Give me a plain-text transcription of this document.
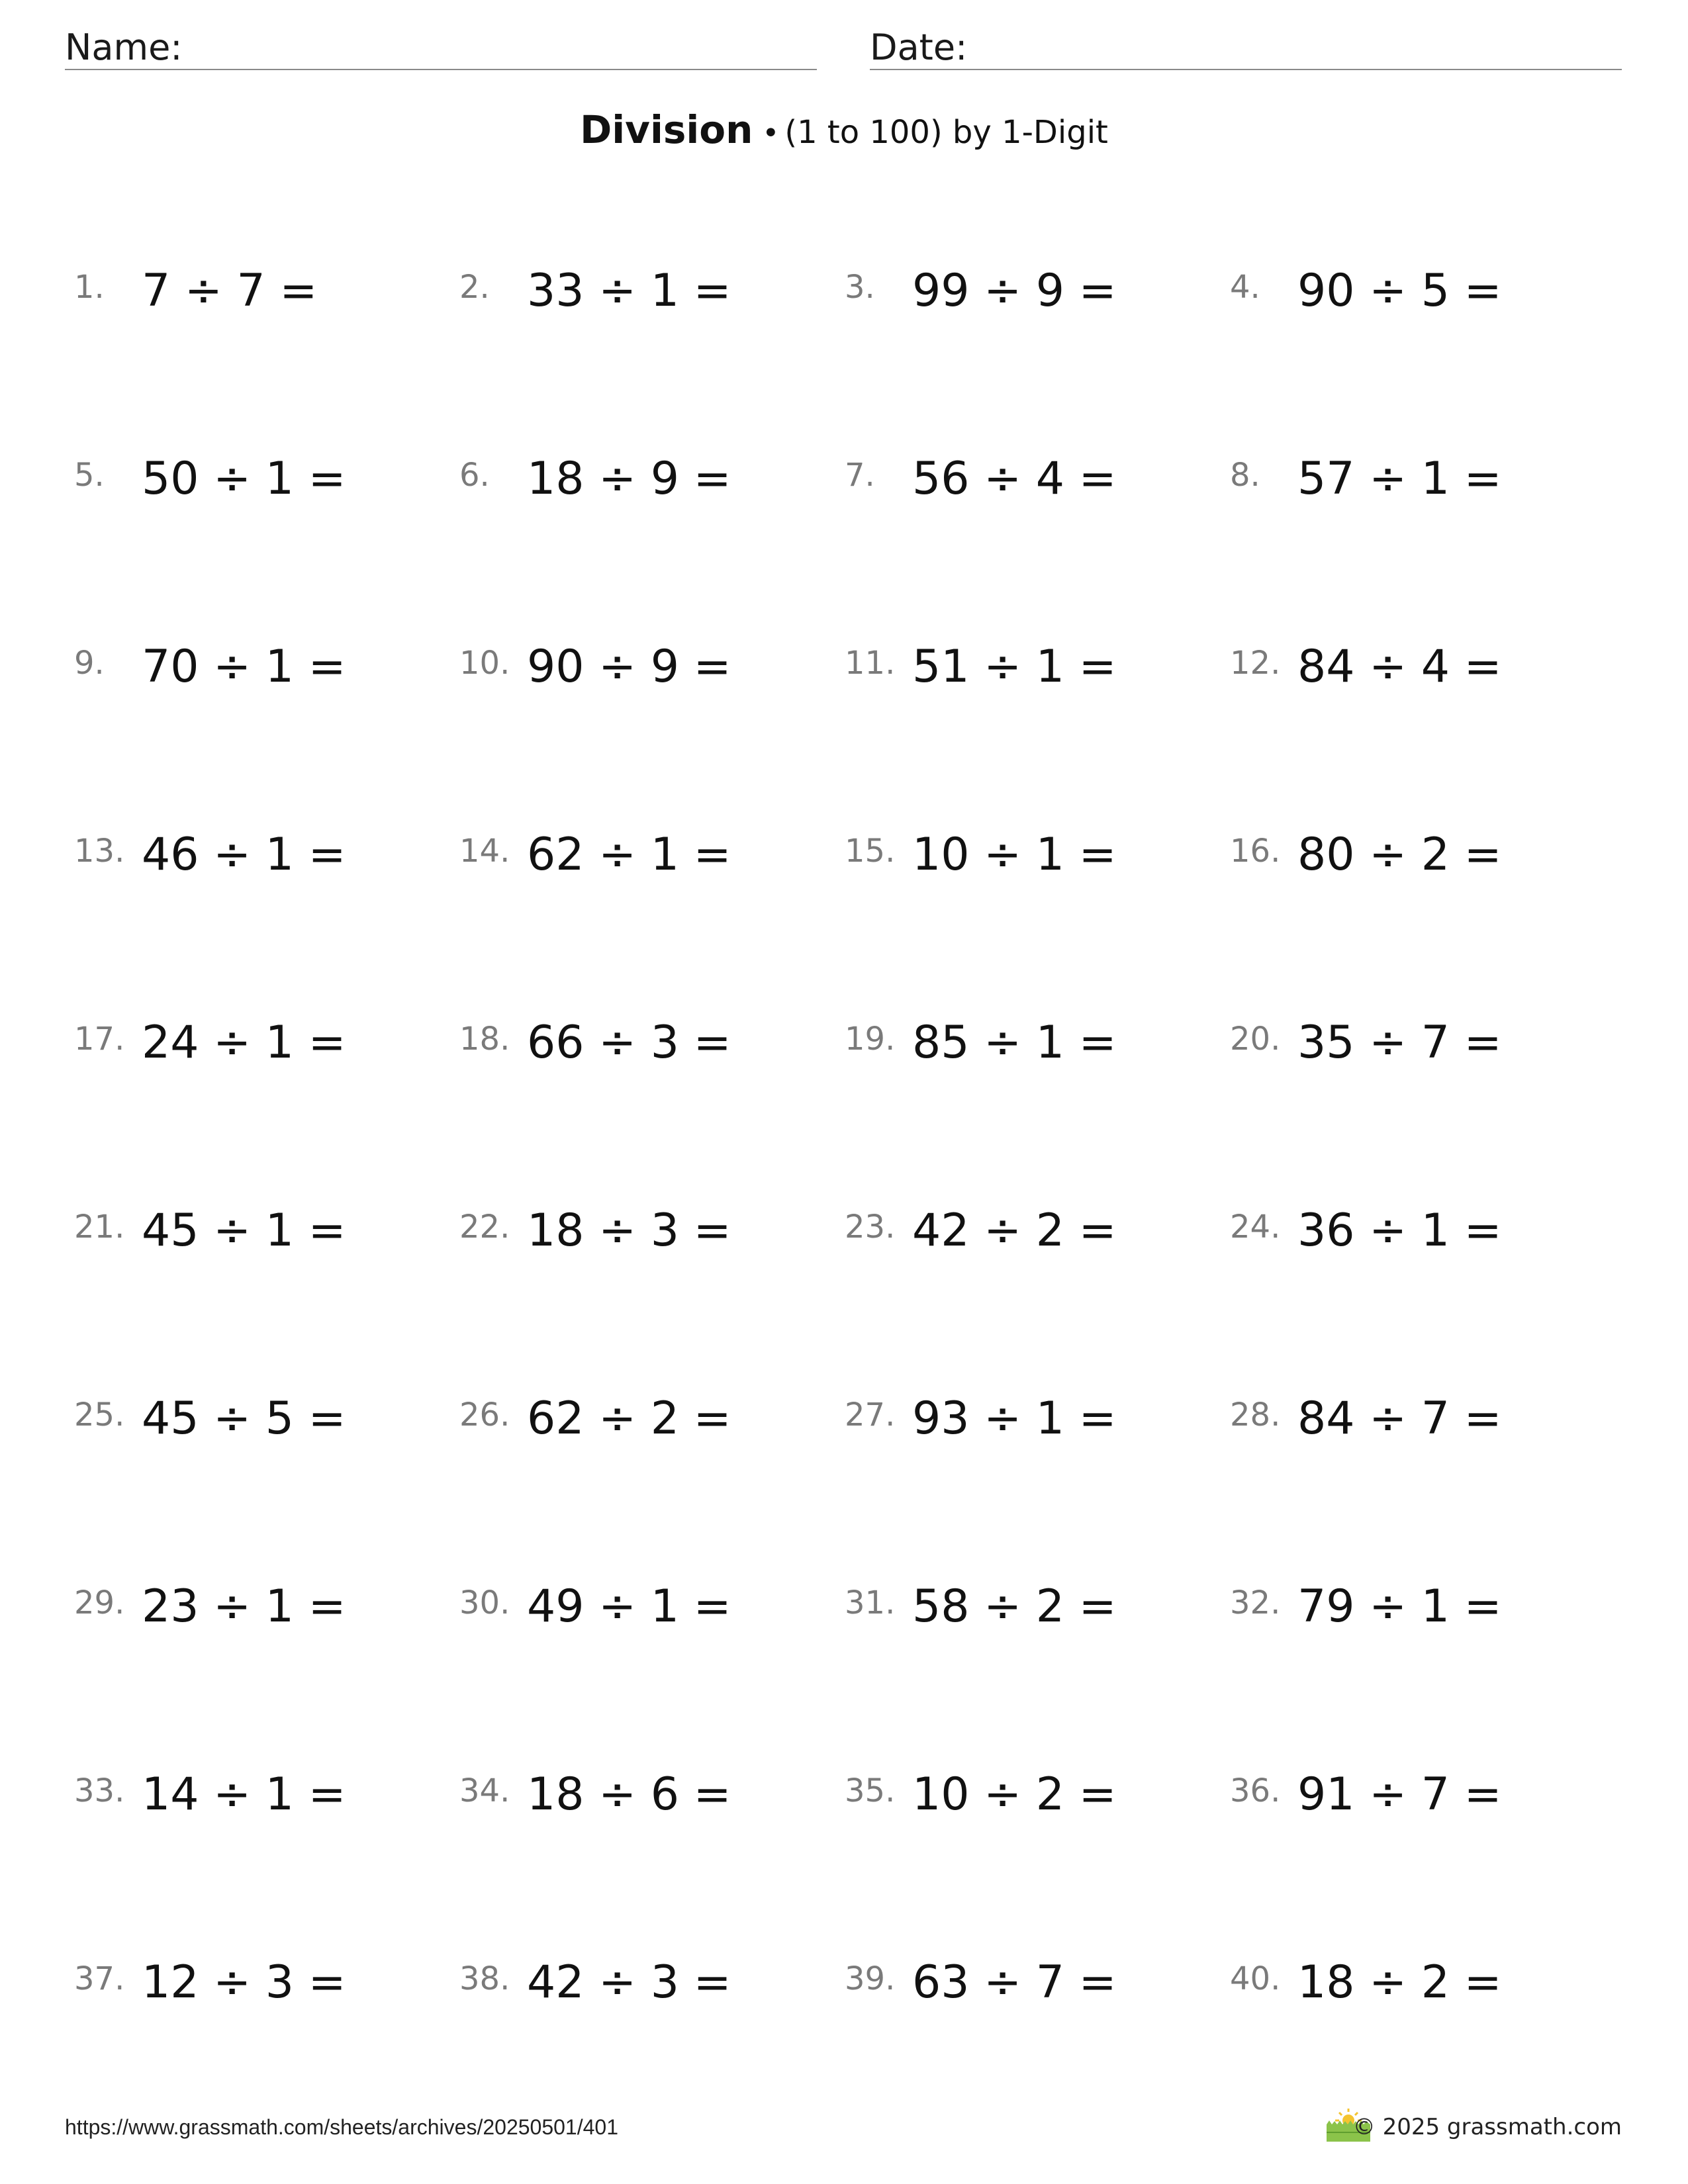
Name:	Date:
Division • (1 to 100) by 1-Digit
1. 7 ÷ 7 =	2. 33 ÷ 1 =	3. 99 ÷ 9 =	4. 90 ÷ 5 =
5. 50 ÷ 1 =	6. 18 ÷ 9 =	7. 56 ÷ 4 =	8. 57 ÷ 1 =
9. 70 ÷ 1 =	10. 90 ÷ 9 =	11. 51 ÷ 1 =	12. 84 ÷ 4 =
13. 46 ÷ 1 =	14. 62 ÷ 1 =	15. 10 ÷ 1 =	16. 80 ÷ 2 =
17. 24 ÷ 1 =	18. 66 ÷ 3 =	19. 85 ÷ 1 =	20. 35 ÷ 7 =
21. 45 ÷ 1 =	22. 18 ÷ 3 =	23. 42 ÷ 2 =	24. 36 ÷ 1 =
25. 45 ÷ 5 =	26. 62 ÷ 2 =	27. 93 ÷ 1 =	28. 84 ÷ 7 =
29. 23 ÷ 1 =	30. 49 ÷ 1 =	31. 58 ÷ 2 =	32. 79 ÷ 1 =
33. 14 ÷ 1 =	34. 18 ÷ 6 =	35. 10 ÷ 2 =	36. 91 ÷ 7 =
37. 12 ÷ 3 =	38. 42 ÷ 3 =	39. 63 ÷ 7 =	40. 18 ÷ 2 =
https://www.grassmath.com/sheets/archives/20250501/401	© 2025 grassmath.com
